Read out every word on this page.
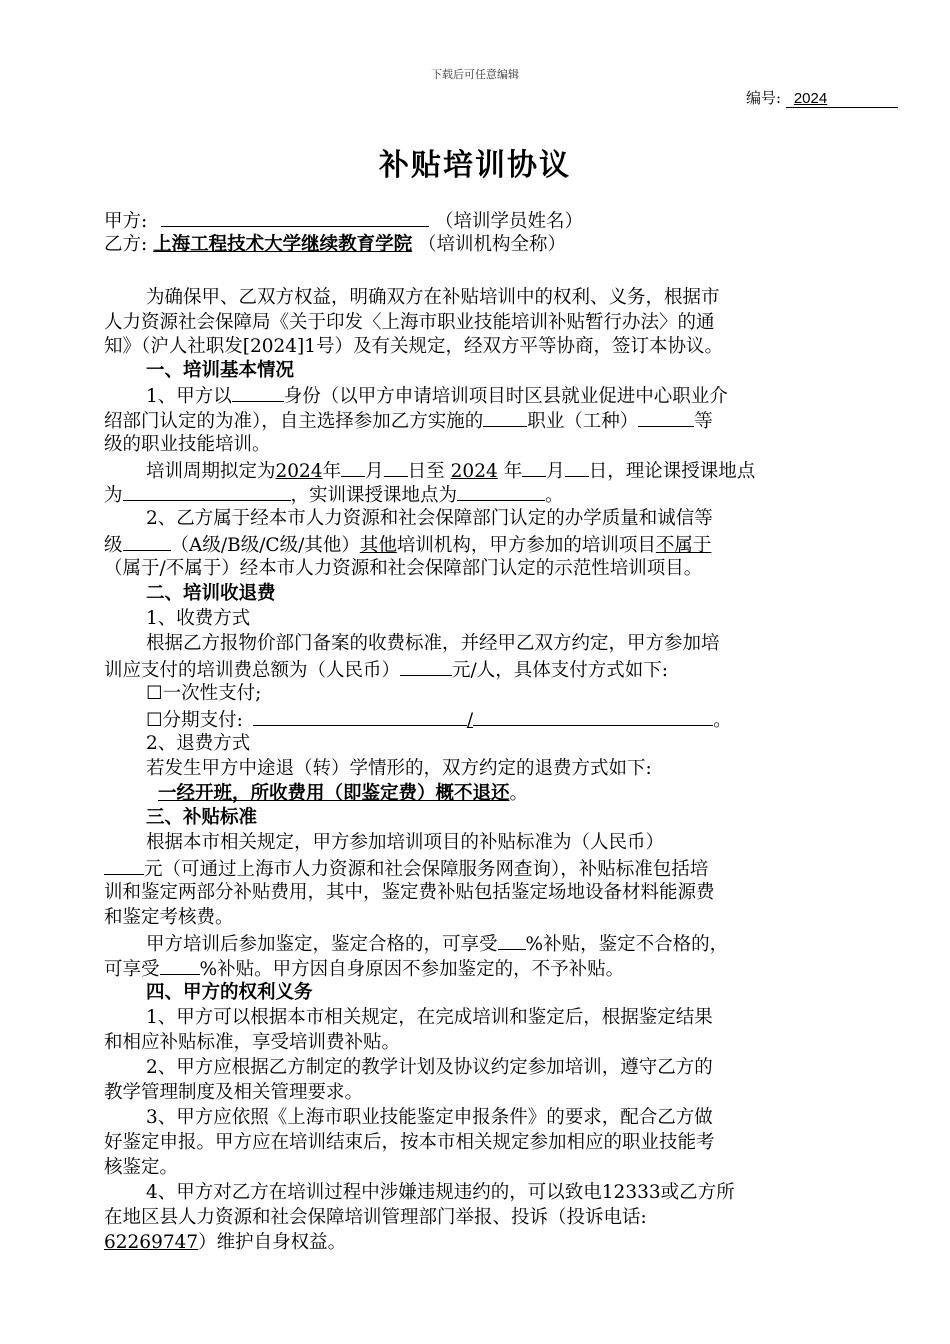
下载后可任意编辑
编号: 2024
补贴培训协议
甲方:	（培训学员姓名）
乙方: 上海工程技术大学继续教育学院 （培训机构全称）
为确保甲、乙双方权益，明确双方在补贴培训中的权利、义务，根据市
人力资源社会保障局《关于印发〈上海市职业技能培训补贴暂行办法〉的通
知》（沪人社职发[2024]1号）及有关规定，经双方平等协商，签订本协议。
一、培训基本情况
1、甲方以	身份（以甲方申请培训项目时区县就业促进中心职业介
绍部门认定的为准），自主选择参加乙方实施的 职业（工种）	等
级的职业技能培训。
培训周期拟定为2024年 月 日至 2024 年 月 日，理论课授课地点
为	，实训课授课地点为	。
2、乙方属于经本市人力资源和社会保障部门认定的办学质量和诚信等
级	（A级/B级/C级/其他）其他培训机构，甲方参加的培训项目不属于
（属于/不属于）经本市人力资源和社会保障部门认定的示范性培训项目。
二、培训收退费
1、收费方式
根据乙方报物价部门备案的收费标准，并经甲乙双方约定，甲方参加培
训应支付的培训费总额为（人民币）	元/人，具体支付方式如下:
☐一次性支付;
☐分期支付:	/	。
2、退费方式
若发生甲方中途退（转）学情形的，双方约定的退费方式如下:
一经开班，所收费用（即鉴定费）概不退还。
三、补贴标准
根据本市相关规定，甲方参加培训项目的补贴标准为（人民币）
元（可通过上海市人力资源和社会保障服务网查询），补贴标准包括培
训和鉴定两部分补贴费用，其中，鉴定费补贴包括鉴定场地设备材料能源费
和鉴定考核费。
甲方培训后参加鉴定，鉴定合格的，可享受 %补贴，鉴定不合格的，
可享受 %补贴。甲方因自身原因不参加鉴定的，不予补贴。
四、甲方的权利义务
1、甲方可以根据本市相关规定，在完成培训和鉴定后，根据鉴定结果
和相应补贴标准，享受培训费补贴。
2、甲方应根据乙方制定的教学计划及协议约定参加培训，遵守乙方的
教学管理制度及相关管理要求。
3、甲方应依照《上海市职业技能鉴定申报条件》的要求，配合乙方做
好鉴定申报。甲方应在培训结束后，按本市相关规定参加相应的职业技能考
核鉴定。
4、甲方对乙方在培训过程中涉嫌违规违约的，可以致电12333或乙方所
在地区县人力资源和社会保障培训管理部门举报、投诉（投诉电话:
62269747）维护自身权益。
